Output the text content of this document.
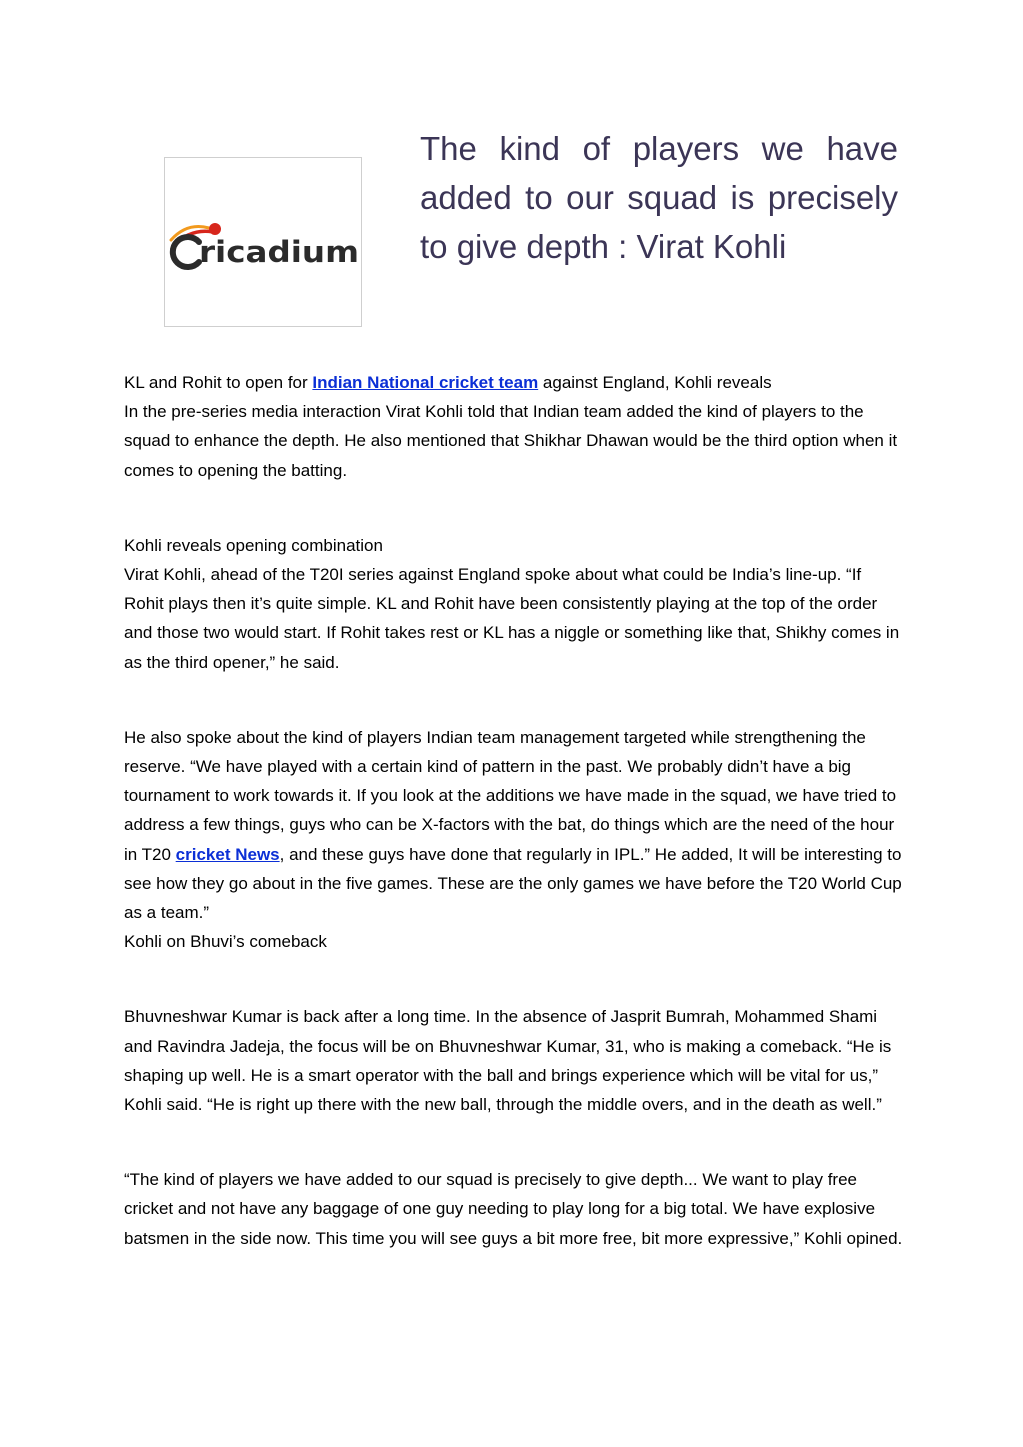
ricadium
The kind of players we have added to our squad is precisely to give depth : Virat Kohli

KL and Rohit to open for Indian National cricket team against England, Kohli reveals
In the pre-series media interaction Virat Kohli told that Indian team added the kind of players to the squad to enhance the depth. He also mentioned that Shikhar Dhawan would be the third option when it comes to opening the batting.

Kohli reveals opening combination
Virat Kohli, ahead of the T20I series against England spoke about what could be India’s line-up. “If Rohit plays then it’s quite simple. KL and Rohit have been consistently playing at the top of the order and those two would start. If Rohit takes rest or KL has a niggle or something like that, Shikhy comes in as the third opener,” he said.

He also spoke about the kind of players Indian team management targeted while strengthening the reserve. “We have played with a certain kind of pattern in the past. We probably didn’t have a big tournament to work towards it. If you look at the additions we have made in the squad, we have tried to address a few things, guys who can be X-factors with the bat, do things which are the need of the hour in T20 cricket News, and these guys have done that regularly in IPL.” He added, It will be interesting to see how they go about in the five games. These are the only games we have before the T20 World Cup as a team.”
Kohli on Bhuvi’s comeback

Bhuvneshwar Kumar is back after a long time. In the absence of Jasprit Bumrah, Mohammed Shami and Ravindra Jadeja, the focus will be on Bhuvneshwar Kumar, 31, who is making a comeback. “He is shaping up well. He is a smart operator with the ball and brings experience which will be vital for us,” Kohli said. “He is right up there with the new ball, through the middle overs, and in the death as well.”

“The kind of players we have added to our squad is precisely to give depth... We want to play free cricket and not have any baggage of one guy needing to play long for a big total. We have explosive batsmen in the side now. This time you will see guys a bit more free, bit more expressive,” Kohli opined.
